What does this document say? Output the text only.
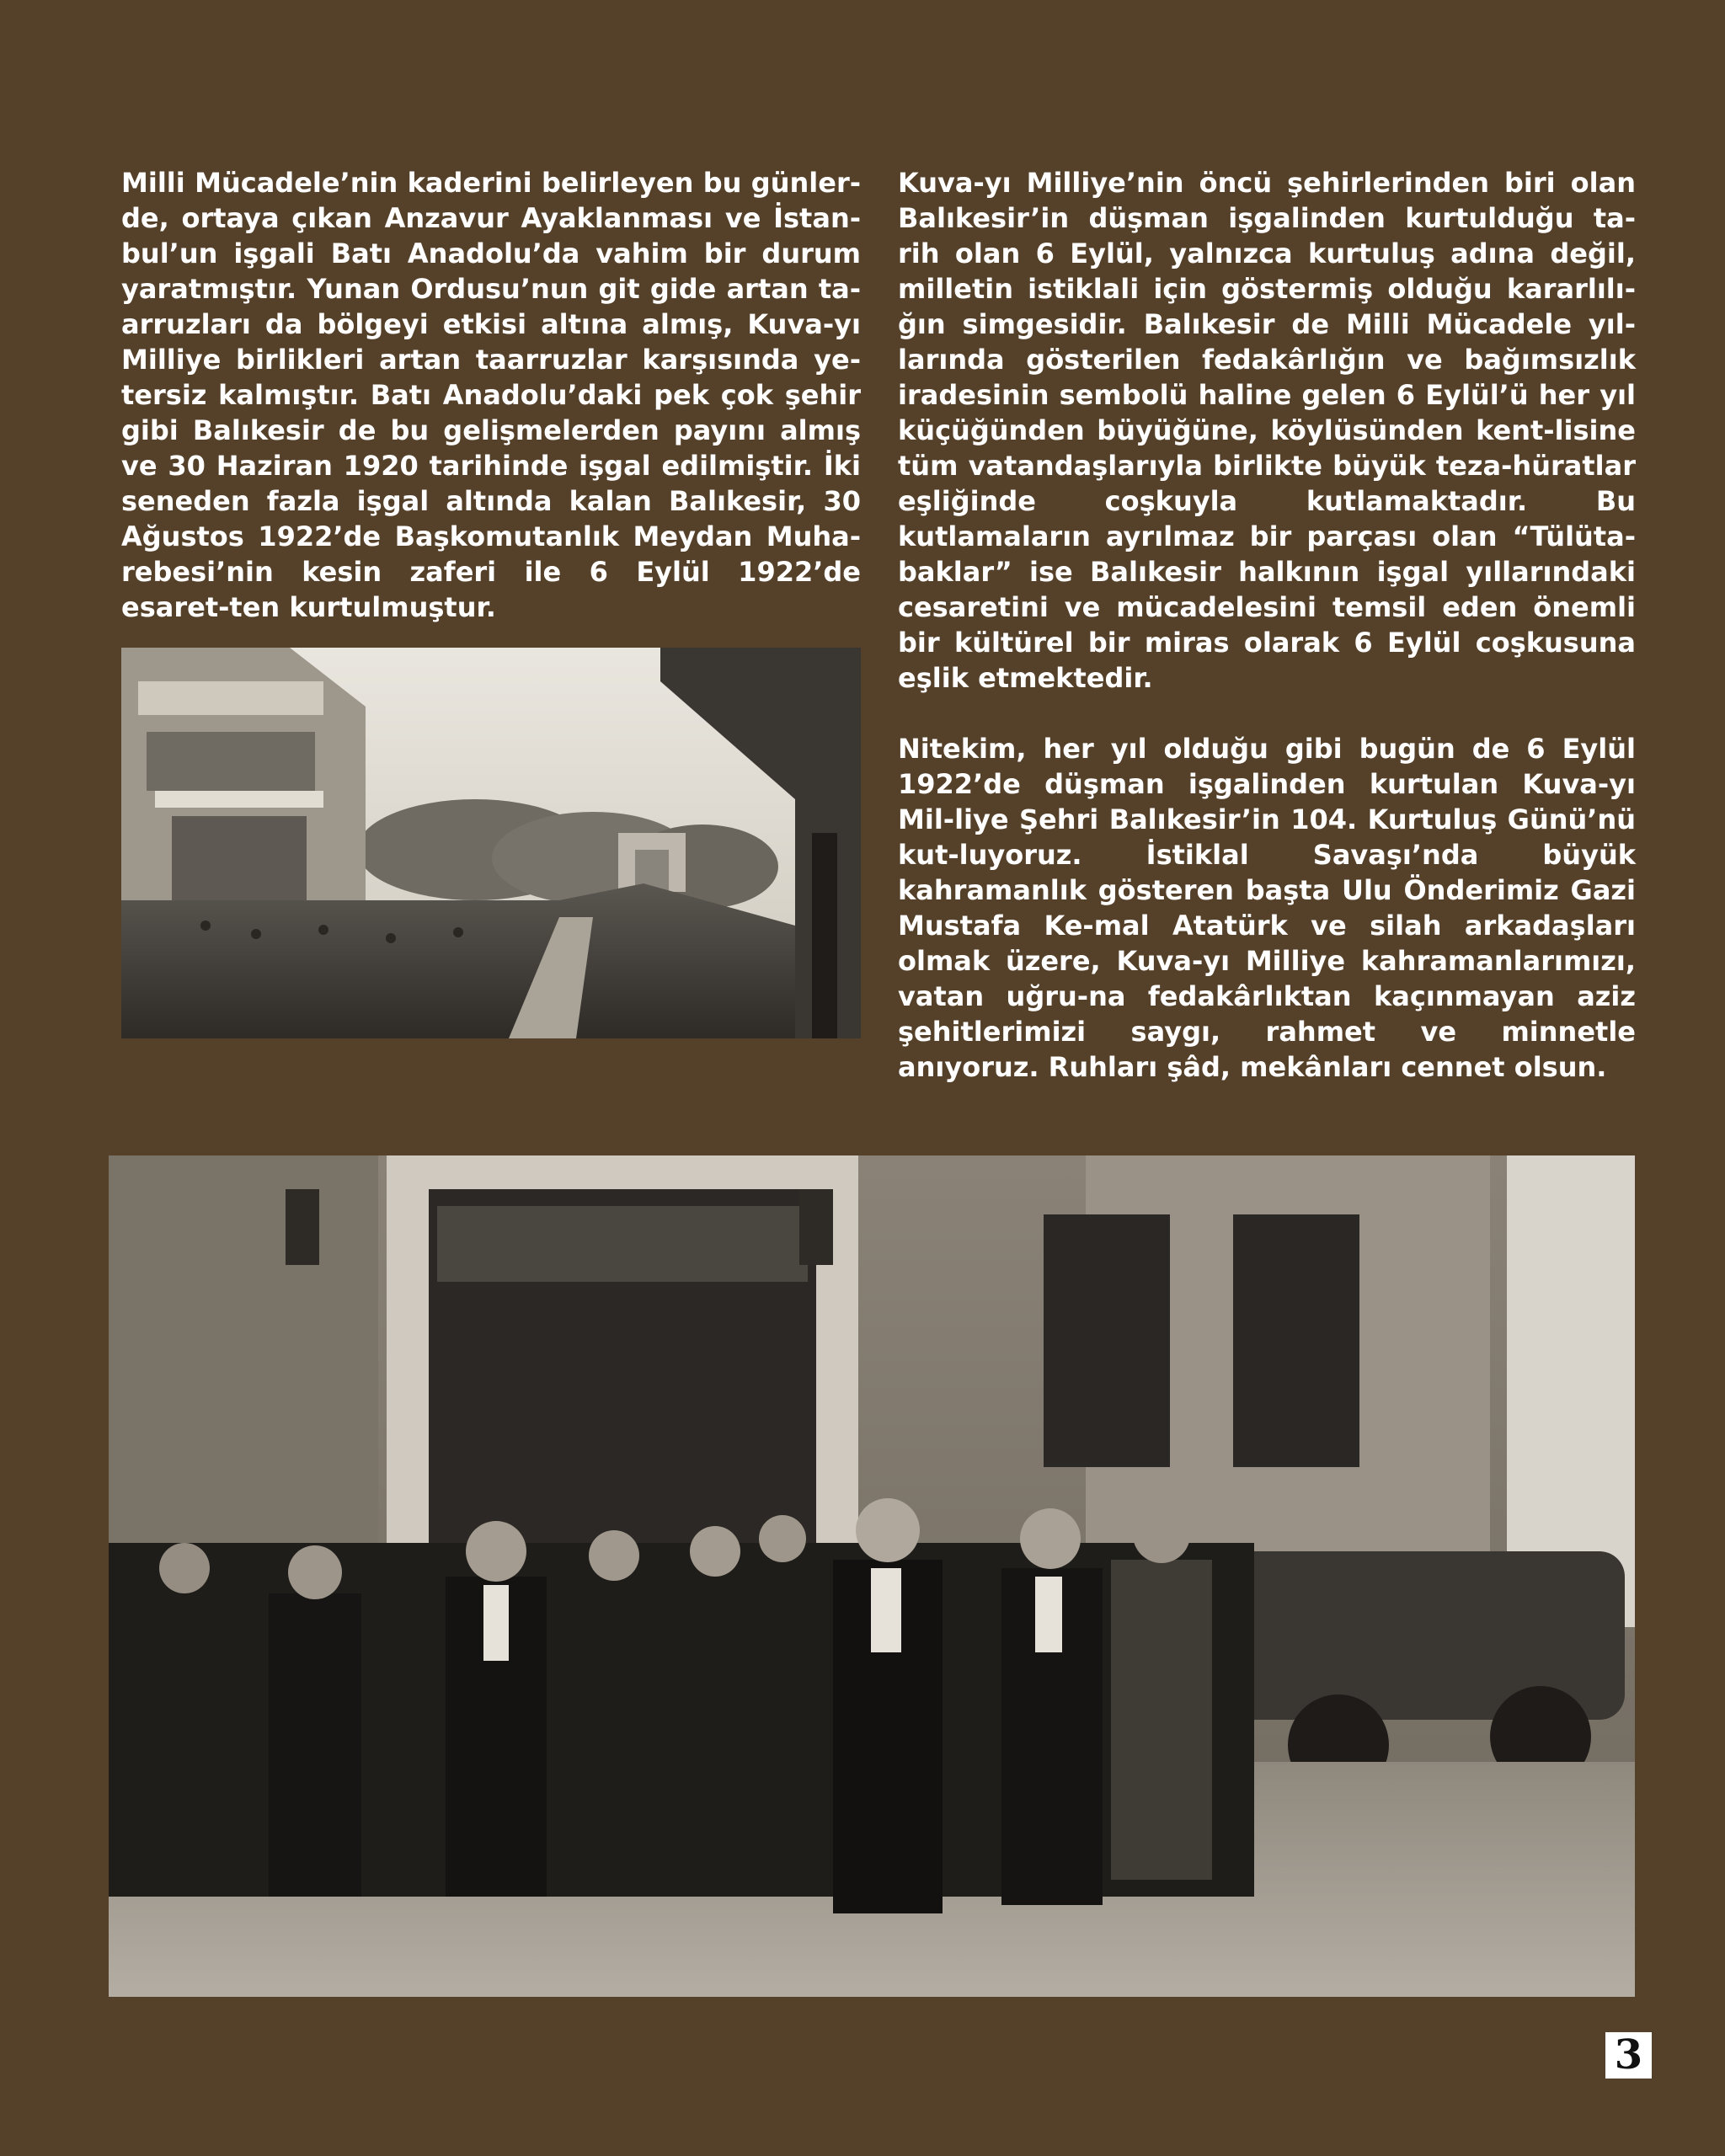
Milli Mücadele’nin kaderini belirleyen bu günler-de, ortaya çıkan Anzavur Ayaklanması ve İstan-bul’un işgali Batı Anadolu’da vahim bir durum yaratmıştır. Yunan Ordusu’nun git gide artan ta-arruzları da bölgeyi etkisi altına almış, Kuva-yı Milliye birlikleri artan taarruzlar karşısında ye-tersiz kalmıştır. Batı Anadolu’daki pek çok şehir gibi Balıkesir de bu gelişmelerden payını almış ve 30 Haziran 1920 tarihinde işgal edilmiştir. İki seneden fazla işgal altında kalan Balıkesir, 30 Ağustos 1922’de Başkomutanlık Meydan Muha-rebesi’nin kesin zaferi ile 6 Eylül 1922’de esaret-ten kurtulmuştur.

Kuva-yı Milliye’nin öncü şehirlerinden biri olan Balıkesir’in düşman işgalinden kurtulduğu ta-rih olan 6 Eylül, yalnızca kurtuluş adına değil, milletin istiklali için göstermiş olduğu kararlılı-ğın simgesidir. Balıkesir de Milli Mücadele yıl-larında gösterilen fedakârlığın ve bağımsızlık iradesinin sembolü haline gelen 6 Eylül’ü her yıl küçüğünden büyüğüne, köylüsünden kent-lisine tüm vatandaşlarıyla birlikte büyük teza-hüratlar eşliğinde coşkuyla kutlamaktadır. Bu kutlamaların ayrılmaz bir parçası olan “Tülüta-baklar” ise Balıkesir halkının işgal yıllarındaki cesaretini ve mücadelesini temsil eden önemli bir kültürel bir miras olarak 6 Eylül coşkusuna eşlik etmektedir.

Nitekim, her yıl olduğu gibi bugün de 6 Eylül 1922’de düşman işgalinden kurtulan Kuva-yı Mil-liye Şehri Balıkesir’in 104. Kurtuluş Günü’nü kut-luyoruz. İstiklal Savaşı’nda büyük kahramanlık gösteren başta Ulu Önderimiz Gazi Mustafa Ke-mal Atatürk ve silah arkadaşları olmak üzere, Kuva-yı Milliye kahramanlarımızı, vatan uğru-na fedakârlıktan kaçınmayan aziz şehitlerimizi saygı, rahmet ve minnetle anıyoruz. Ruhları şâd, mekânları cennet olsun.

3
